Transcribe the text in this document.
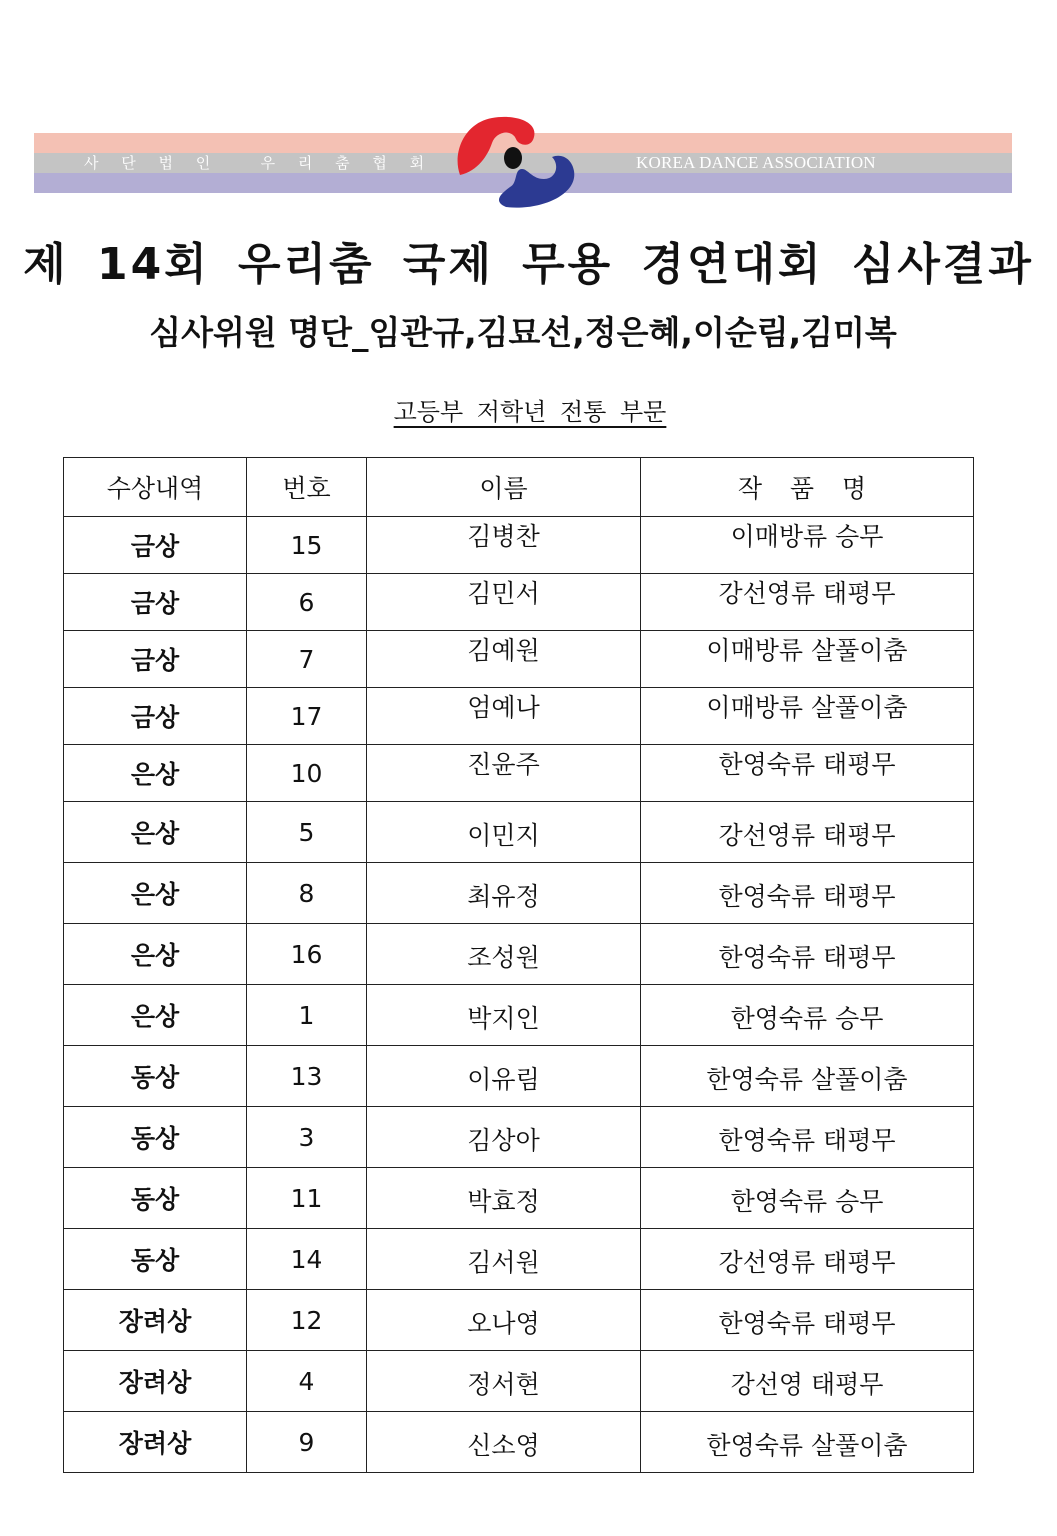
사 단 법 인   우 리 춤 협 회	KOREA DANCE ASSOCIATION
제 14회 우리춤 국제 무용 경연대회 심사결과
심사위원 명단_임관규,김묘선,정은혜,이순림,김미복
고등부 저학년 전통 부문
수상내역	번호	이름	작 품 명
금상	15	김병찬	이매방류 승무
금상	6	김민서	강선영류 태평무
금상	7	김예원	이매방류 살풀이춤
금상	17	엄예나	이매방류 살풀이춤
은상	10	진윤주	한영숙류 태평무
은상	5	이민지	강선영류 태평무
은상	8	최유정	한영숙류 태평무
은상	16	조성원	한영숙류 태평무
은상	1	박지인	한영숙류 승무
동상	13	이유림	한영숙류 살풀이춤
동상	3	김상아	한영숙류 태평무
동상	11	박효정	한영숙류 승무
동상	14	김서원	강선영류 태평무
장려상	12	오나영	한영숙류 태평무
장려상	4	정서현	강선영 태평무
장려상	9	신소영	한영숙류 살풀이춤
